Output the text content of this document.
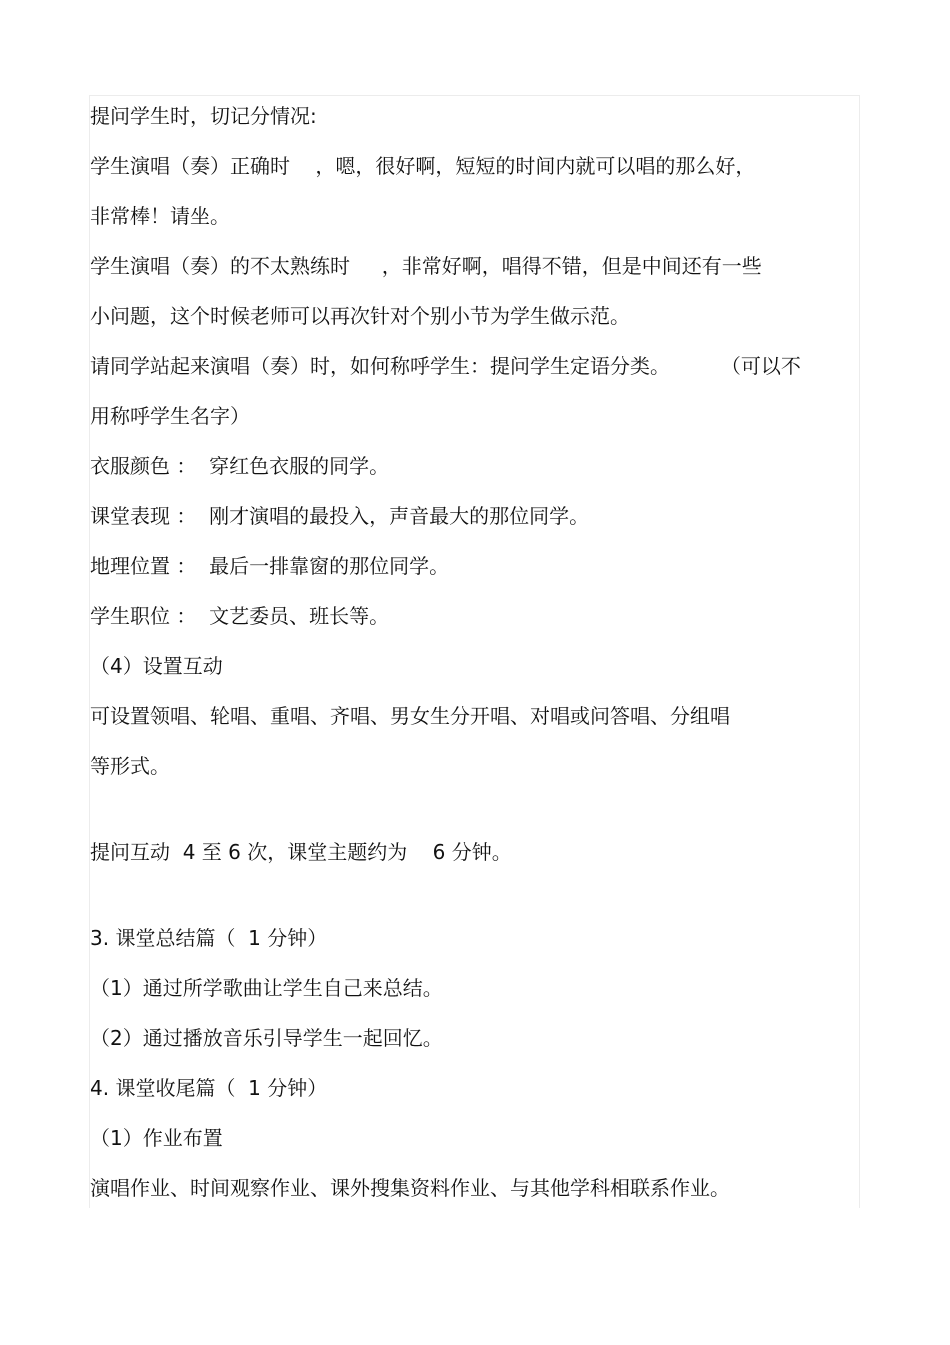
提问学生时，切记分情况:
学生演唱（奏）正确时    ，嗯，很好啊，短短的时间内就可以唱的那么好，
非常棒！请坐。
学生演唱（奏）的不太熟练时     ，非常好啊，唱得不错，但是中间还有一些
小问题，这个时候老师可以再次针对个别小节为学生做示范。
请同学站起来演唱（奏）时，如何称呼学生：提问学生定语分类。        （可以不
用称呼学生名字）
衣服颜色 ：  穿红色衣服的同学。
课堂表现 ：  刚才演唱的最投入，声音最大的那位同学。
地理位置 ：  最后一排靠窗的那位同学。
学生职位 ：  文艺委员、班长等。
（4）设置互动
可设置领唱、轮唱、重唱、齐唱、男女生分开唱、对唱或问答唱、分组唱
等形式。
提问互动  4 至 6 次，课堂主题约为    6 分钟。
3. 课堂总结篇（  1 分钟）
（1）通过所学歌曲让学生自己来总结。
（2）通过播放音乐引导学生一起回忆。
4. 课堂收尾篇（  1 分钟）
（1）作业布置
演唱作业、时间观察作业、课外搜集资料作业、与其他学科相联系作业。
